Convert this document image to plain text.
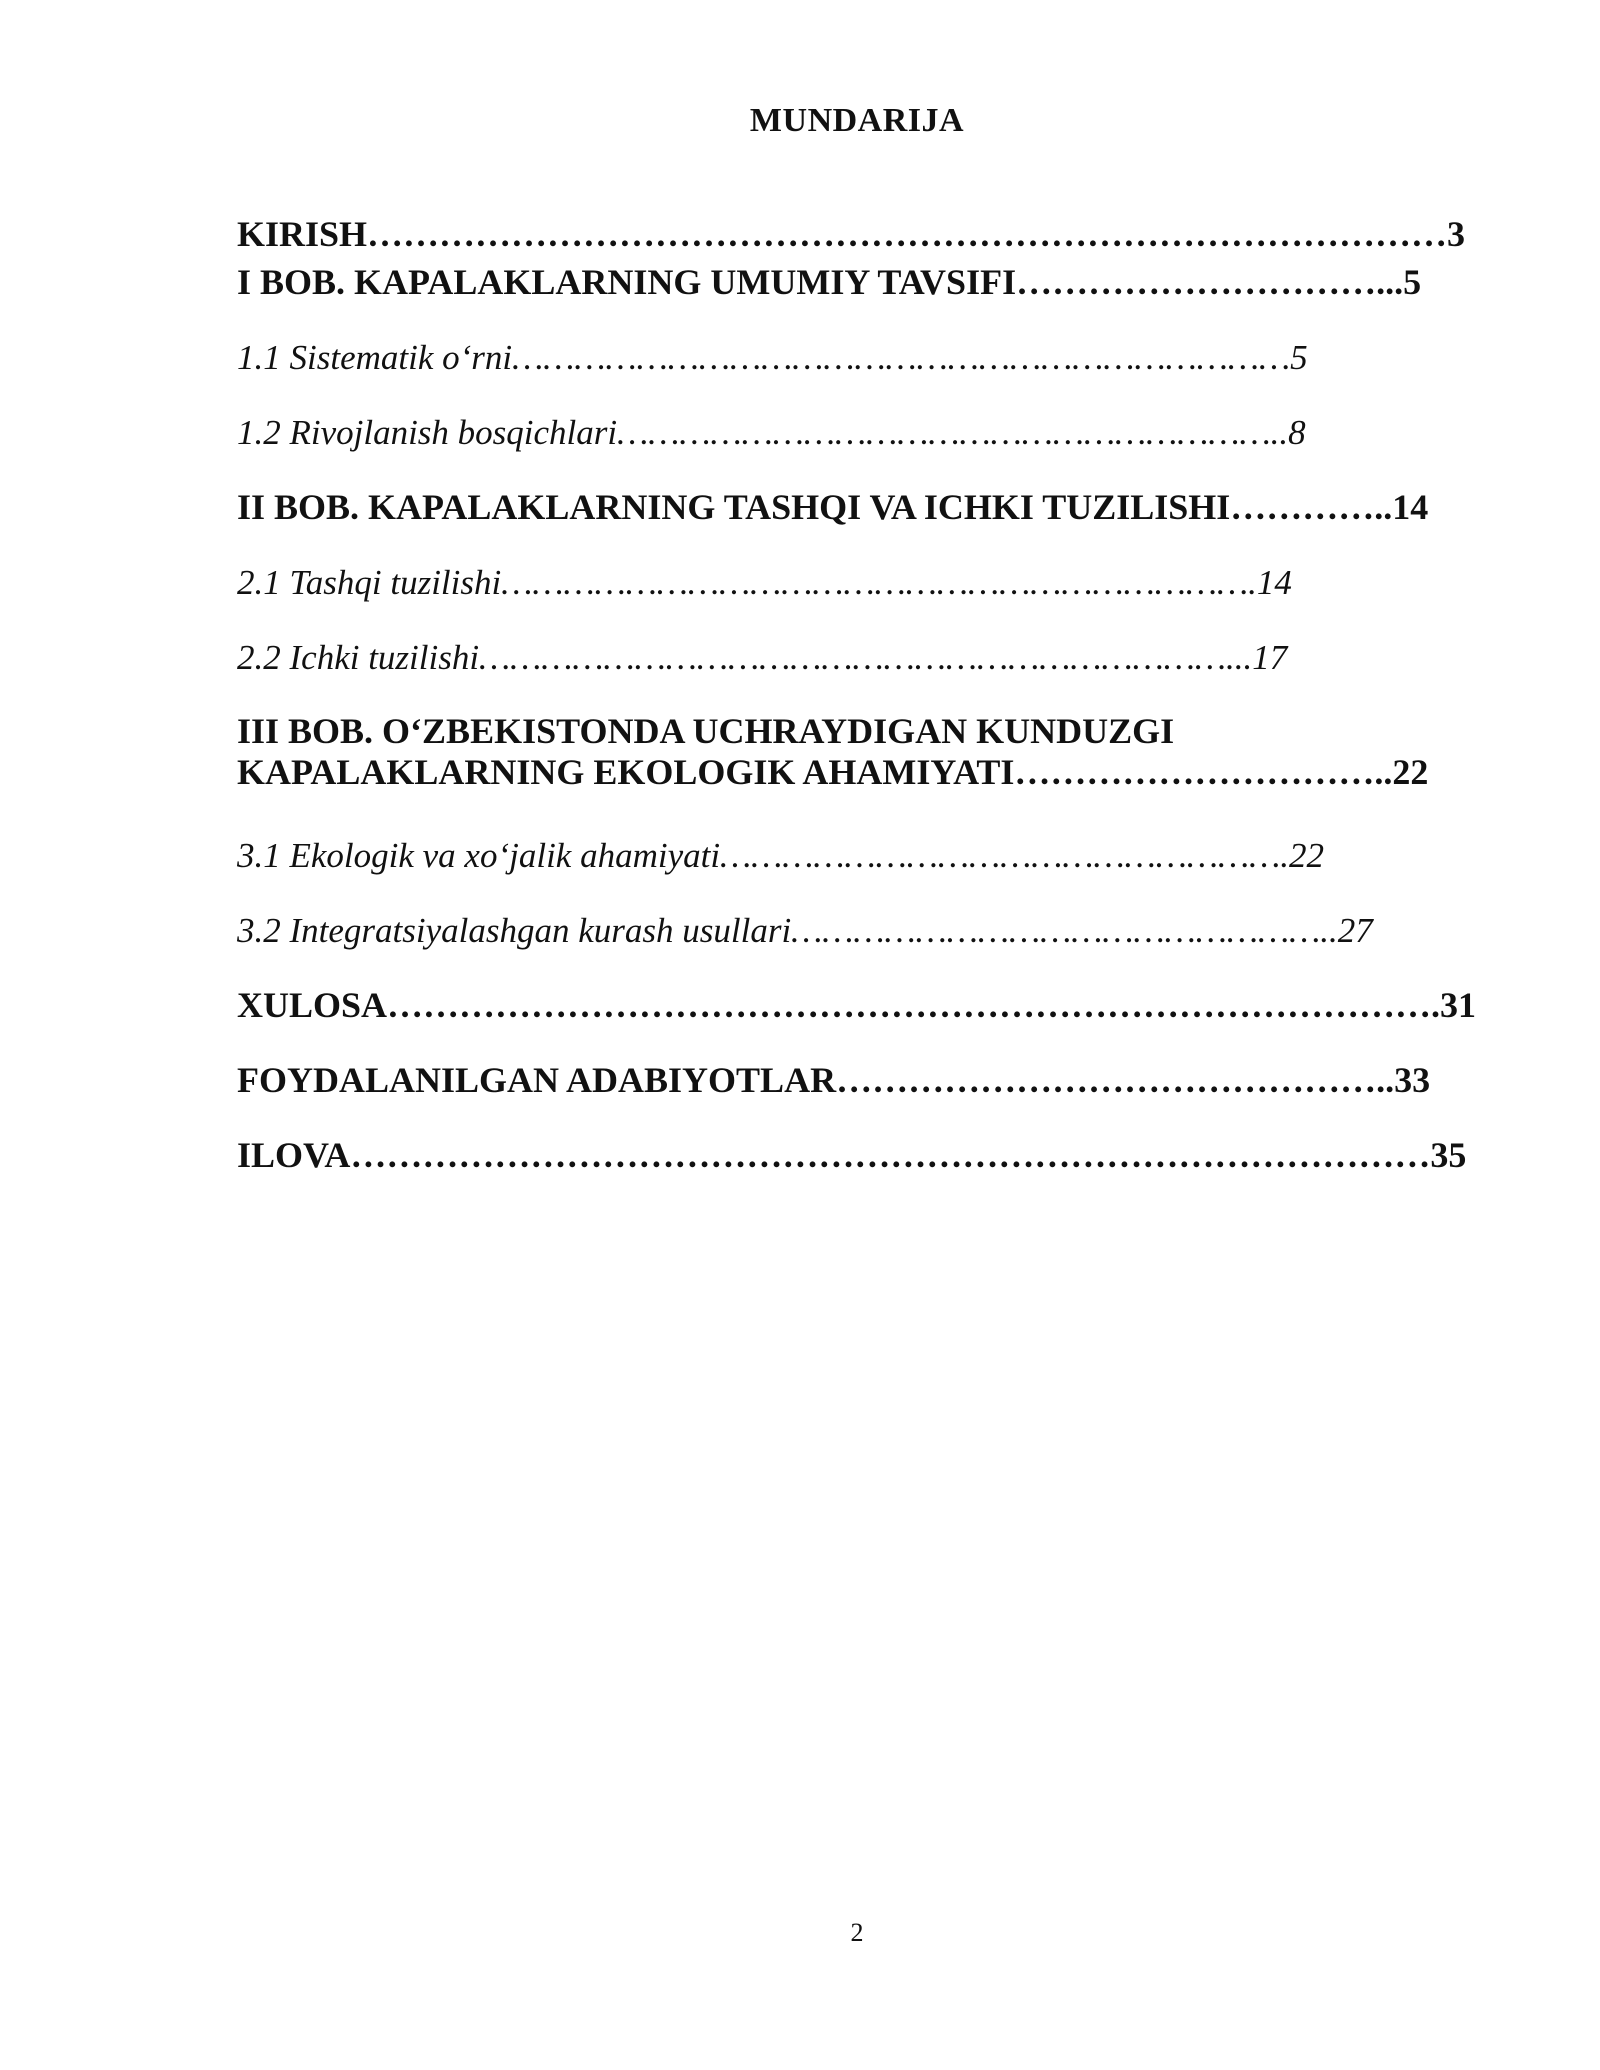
MUNDARIJA
KIRISH………………………………………………………………………………3
I BOB. KAPALAKLARNING UMUMIY TAVSIFI…………………………...5
1.1 Sistematik o‘rni…………………………………………………………………5
1.2 Rivojlanish bosqichlari………………………………………………………..8
II BOB. KAPALAKLARNING TASHQI VA ICHKI TUZILISHI…………..14
2.1 Tashqi tuzilishi……………………………………………………………….14
2.2 Ichki tuzilishi………………………………………………………………...17
III BOB. O‘ZBEKISTONDA UCHRAYDIGAN KUNDUZGI
KAPALAKLARNING EKOLOGIK AHAMIYATI…………………………..22
3.1 Ekologik va xo‘jalik ahamiyati……………………………………………….22
3.2 Integratsiyalashgan kurash usullari……………………………………………..27
XULOSA…………………………………………………………………………….31
FOYDALANILGAN ADABIYOTLAR………………………………………..33
ILOVA………………………………………………………………………………35
2
